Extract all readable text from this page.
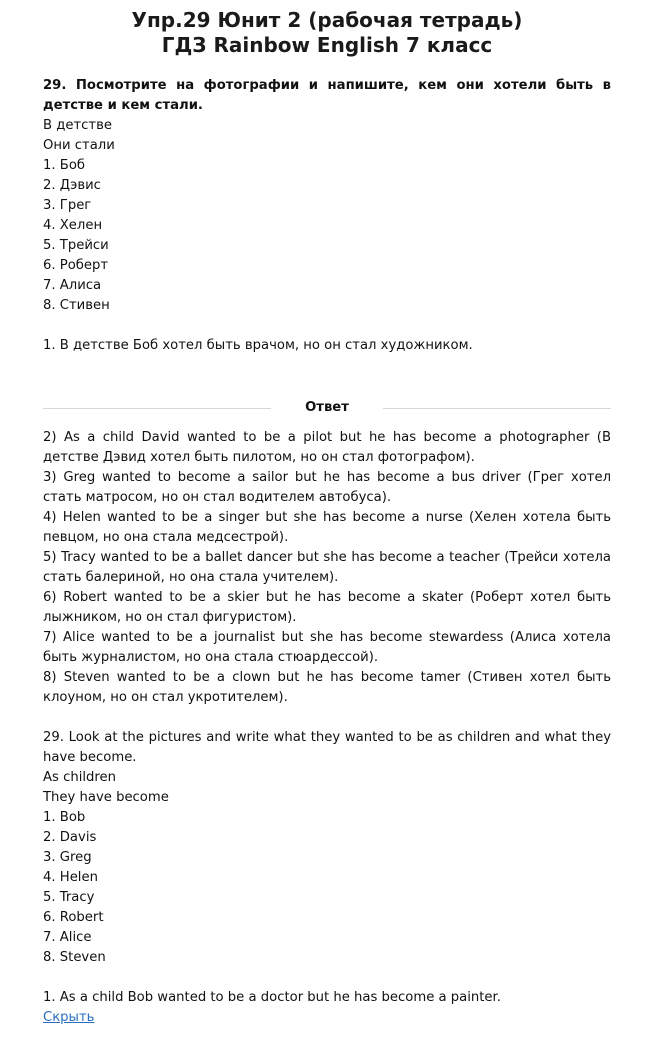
Упр.29 Юнит 2 (рабочая тетрадь)
ГДЗ Rainbow English 7 класс
29. Посмотрите на фотографии и напишите, кем они хотели быть в детстве и кем стали.
В детстве
Они стали
1. Боб
2. Дэвис
3. Грег
4. Хелен
5. Трейси
6. Роберт
7. Алиса
8. Стивен
1. В детстве Боб хотел быть врачом, но он стал художником.
Ответ
2) As a child David wanted to be a pilot but he has become a photographer (В детстве Дэвид хотел быть пилотом, но он стал фотографом).
3) Greg wanted to become a sailor but he has become a bus driver (Грег хотел стать матросом, но он стал водителем автобуса).
4) Helen wanted to be a singer but she has become a nurse (Хелен хотела быть певцом, но она стала медсестрой).
5) Tracy wanted to be a ballet dancer but she has become a teacher (Трейси хотела стать балериной, но она стала учителем).
6) Robert wanted to be a skier but he has become a skater (Роберт хотел быть лыжником, но он стал фигуристом).
7) Alice wanted to be a journalist but she has become stewardess (Алиса хотела быть журналистом, но она стала стюардессой).
8) Steven wanted to be a clown but he has become tamer (Стивен хотел быть клоуном, но он стал укротителем).
29. Look at the pictures and write what they wanted to be as children and what they have become.
As children
They have become
1. Bob
2. Davis
3. Greg
4. Helen
5. Tracy
6. Robert
7. Alice
8. Steven
1. As a child Bob wanted to be a doctor but he has become a painter.
Скрыть
